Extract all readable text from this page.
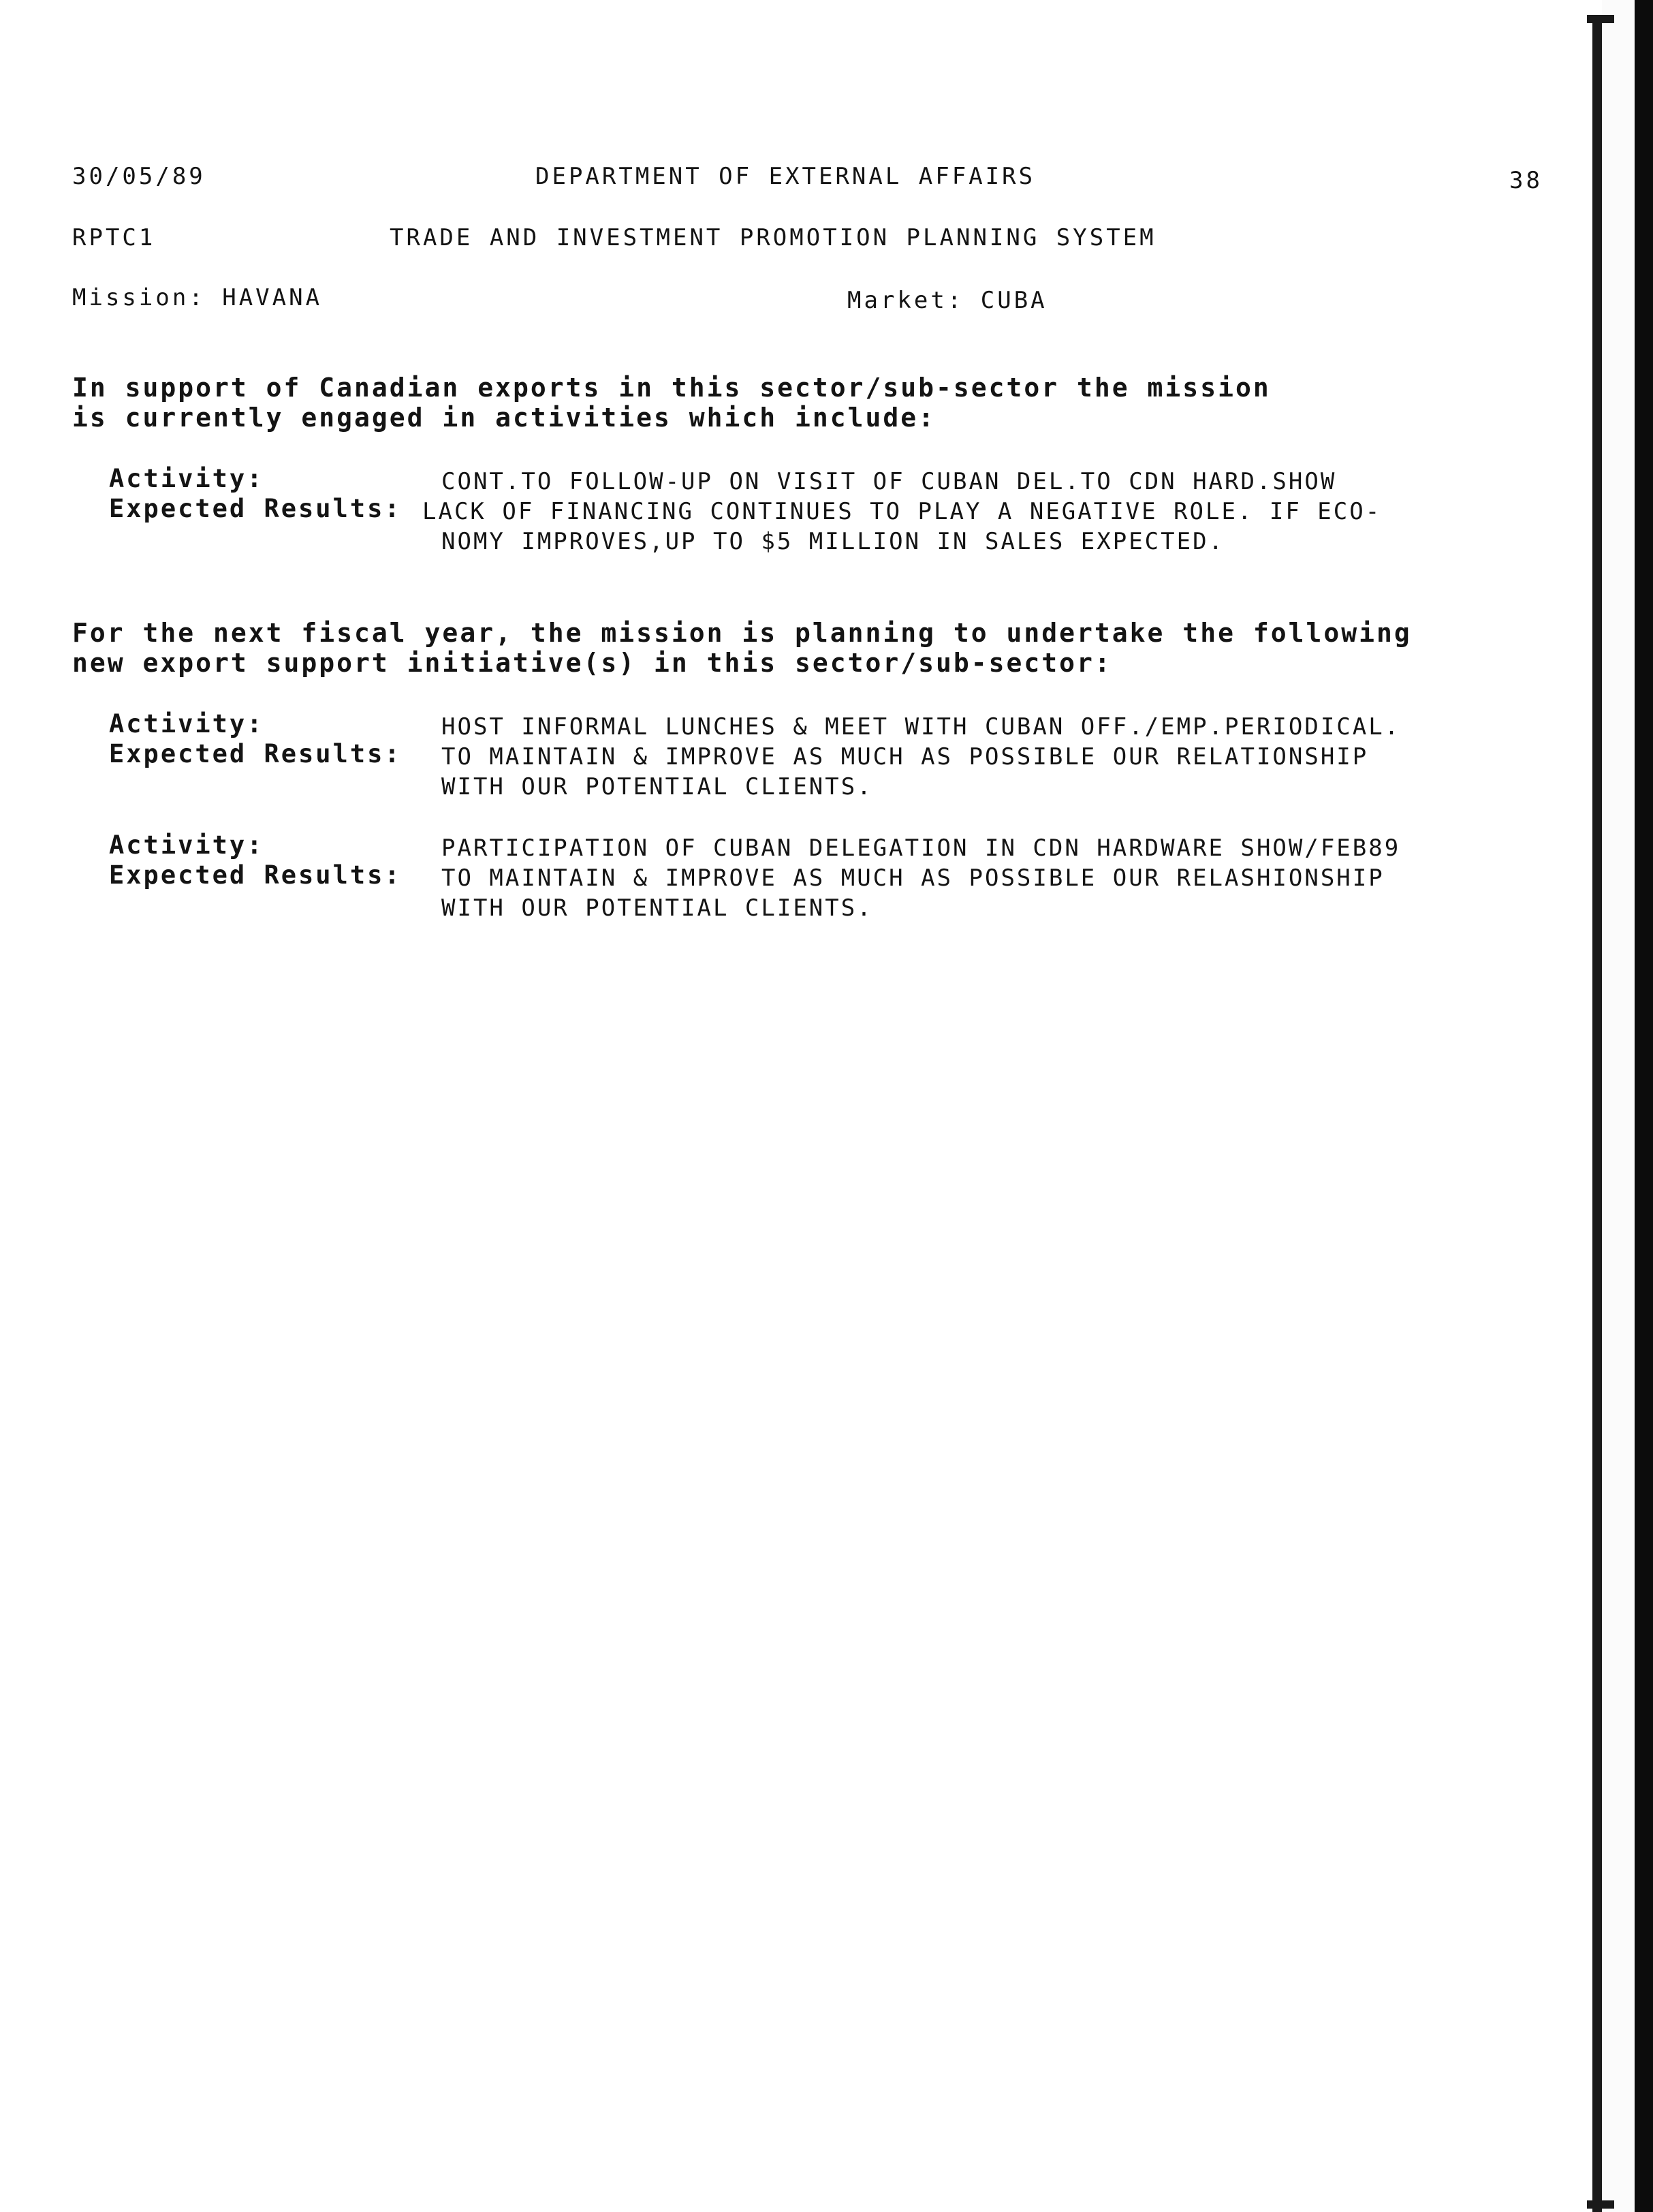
30/05/89	DEPARTMENT OF EXTERNAL AFFAIRS	38
RPTC1	TRADE AND INVESTMENT PROMOTION PLANNING SYSTEM
Mission: HAVANA	Market: CUBA
In support of Canadian exports in this sector/sub-sector the mission
is currently engaged in activities which include:
Activity:	CONT.TO FOLLOW-UP ON VISIT OF CUBAN DEL.TO CDN HARD.SHOW
Expected Results: LACK OF FINANCING CONTINUES TO PLAY A NEGATIVE ROLE. IF ECO-
NOMY IMPROVES,UP TO $5 MILLION IN SALES EXPECTED.
For the next fiscal year, the mission is planning to undertake the following
new export support initiative(s) in this sector/sub-sector:
Activity:	HOST INFORMAL LUNCHES & MEET WITH CUBAN OFF./EMP.PERIODICAL.
Expected Results: TO MAINTAIN & IMPROVE AS MUCH AS POSSIBLE OUR RELATIONSHIP
WITH OUR POTENTIAL CLIENTS.
Activity:	PARTICIPATION OF CUBAN DELEGATION IN CDN HARDWARE SHOW/FEB89
Expected Results: TO MAINTAIN & IMPROVE AS MUCH AS POSSIBLE OUR RELASHIONSHIP
WITH OUR POTENTIAL CLIENTS.
